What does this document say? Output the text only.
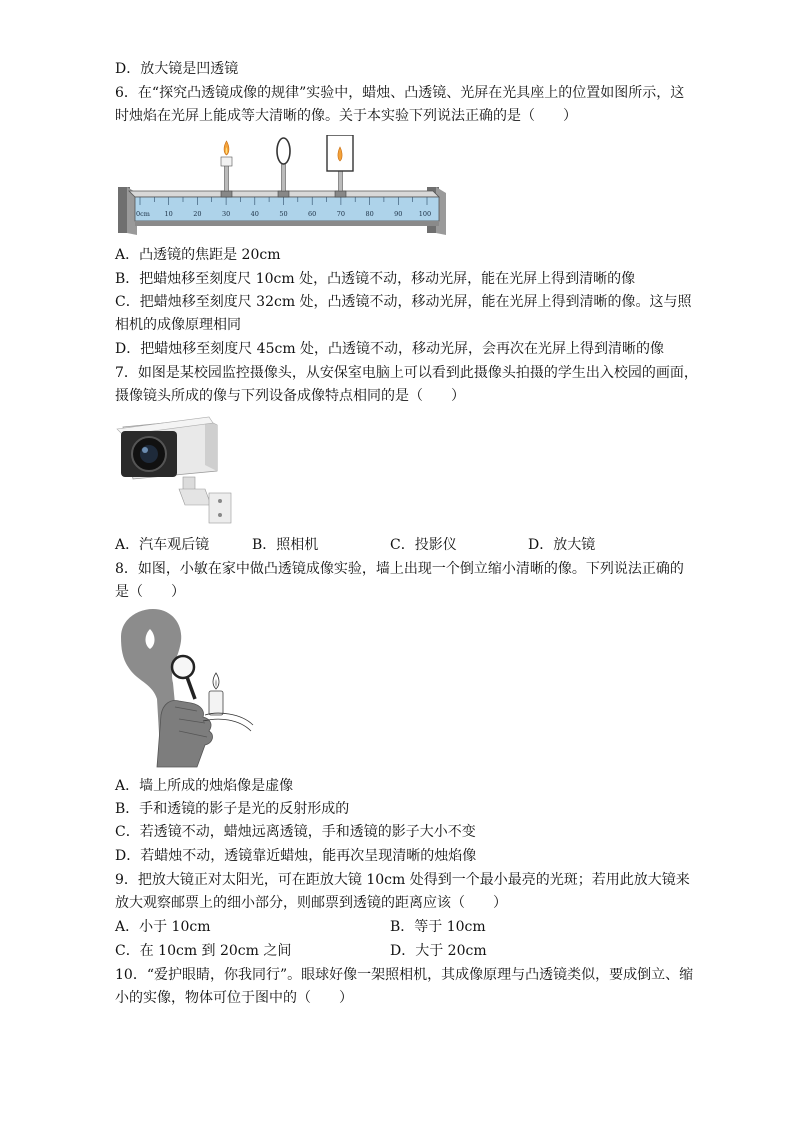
D．放大镜是凹透镜
6．在“探究凸透镜成像的规律”实验中，蜡烛、凸透镜、光屏在光具座上的位置如图所示，这
时烛焰在光屏上能成等大清晰的像。关于本实验下列说法正确的是（　　）
0cm 10	20	30	40	50	60	70	80	90	100
A．凸透镜的焦距是 20cm
B．把蜡烛移至刻度尺 10cm 处，凸透镜不动，移动光屏，能在光屏上得到清晰的像
C．把蜡烛移至刻度尺 32cm 处，凸透镜不动，移动光屏，能在光屏上得到清晰的像。这与照
相机的成像原理相同
D．把蜡烛移至刻度尺 45cm 处，凸透镜不动，移动光屏，会再次在光屏上得到清晰的像
7．如图是某校园监控摄像头，从安保室电脑上可以看到此摄像头拍摄的学生出入校园的画面，
摄像镜头所成的像与下列设备成像特点相同的是（　　）
A．汽车观后镜	B．照相机	C．投影仪	D．放大镜
8．如图，小敏在家中做凸透镜成像实验，墙上出现一个倒立缩小清晰的像。下列说法正确的
是（　　）
A．墙上所成的烛焰像是虚像
B．手和透镜的影子是光的反射形成的
C．若透镜不动，蜡烛远离透镜，手和透镜的影子大小不变
D．若蜡烛不动，透镜靠近蜡烛，能再次呈现清晰的烛焰像
9．把放大镜正对太阳光，可在距放大镜 10cm 处得到一个最小最亮的光斑；若用此放大镜来
放大观察邮票上的细小部分，则邮票到透镜的距离应该（　　）
A．小于 10cm	B．等于 10cm
C．在 10cm 到 20cm 之间	D．大于 20cm
10．“爱护眼睛，你我同行”。眼球好像一架照相机，其成像原理与凸透镜类似，要成倒立、缩
小的实像，物体可位于图中的（　　）
